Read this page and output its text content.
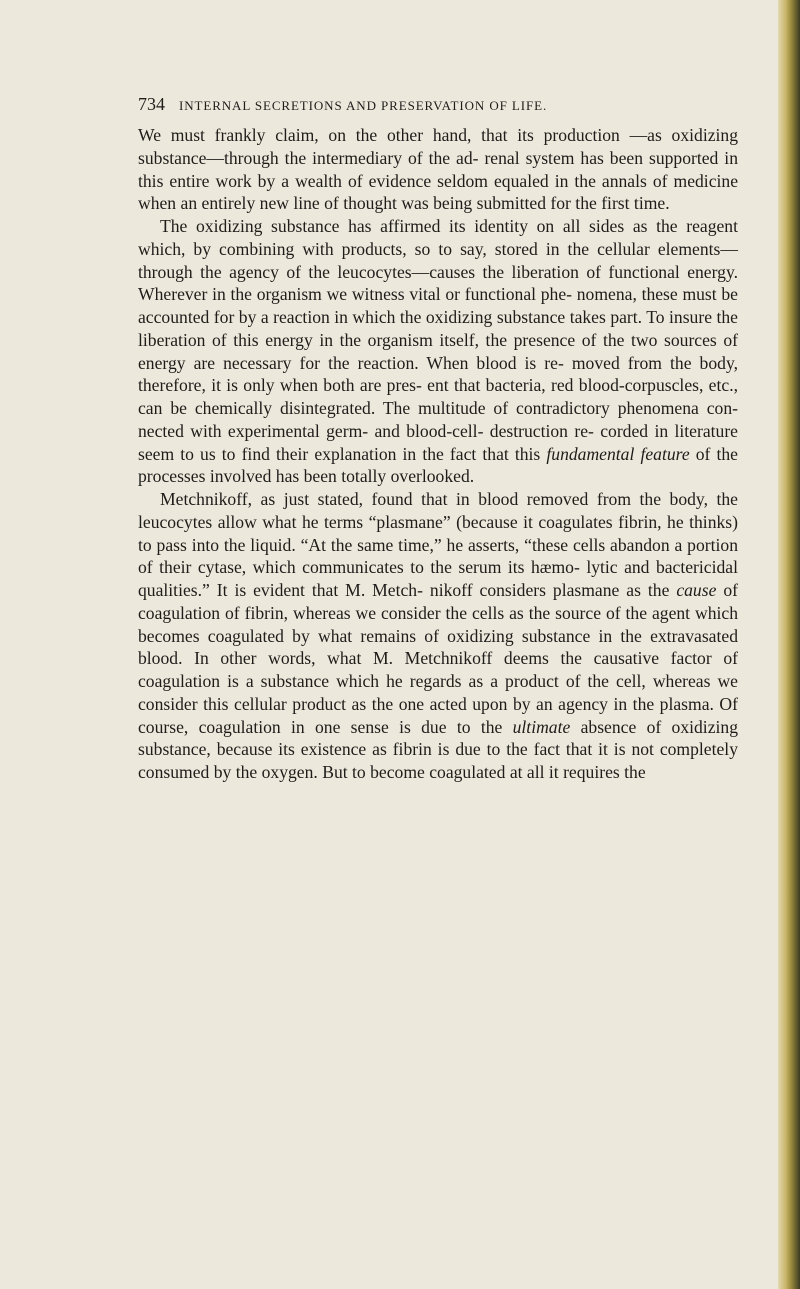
734 INTERNAL SECRETIONS AND PRESERVATION OF LIFE.

We must frankly claim, on the other hand, that its production —as oxidizing substance—through the intermediary of the ad- renal system has been supported in this entire work by a wealth of evidence seldom equaled in the annals of medicine when an entirely new line of thought was being submitted for the first time.

The oxidizing substance has affirmed its identity on all sides as the reagent which, by combining with products, so to say, stored in the cellular elements—through the agency of the leucocytes—causes the liberation of functional energy. Wherever in the organism we witness vital or functional phe- nomena, these must be accounted for by a reaction in which the oxidizing substance takes part. To insure the liberation of this energy in the organism itself, the presence of the two sources of energy are necessary for the reaction. When blood is re- moved from the body, therefore, it is only when both are pres- ent that bacteria, red blood-corpuscles, etc., can be chemically disintegrated. The multitude of contradictory phenomena con- nected with experimental germ- and blood-cell- destruction re- corded in literature seem to us to find their explanation in the fact that this fundamental feature of the processes involved has been totally overlooked.

Metchnikoff, as just stated, found that in blood removed from the body, the leucocytes allow what he terms “plasmane” (because it coagulates fibrin, he thinks) to pass into the liquid. “At the same time,” he asserts, “these cells abandon a portion of their cytase, which communicates to the serum its hæmo- lytic and bactericidal qualities.” It is evident that M. Metch- nikoff considers plasmane as the cause of coagulation of fibrin, whereas we consider the cells as the source of the agent which becomes coagulated by what remains of oxidizing substance in the extravasated blood. In other words, what M. Metchnikoff deems the causative factor of coagulation is a substance which he regards as a product of the cell, whereas we consider this cellular product as the one acted upon by an agency in the plasma. Of course, coagulation in one sense is due to the ultimate absence of oxidizing substance, because its existence as fibrin is due to the fact that it is not completely consumed by the oxygen. But to become coagulated at all it requires the
